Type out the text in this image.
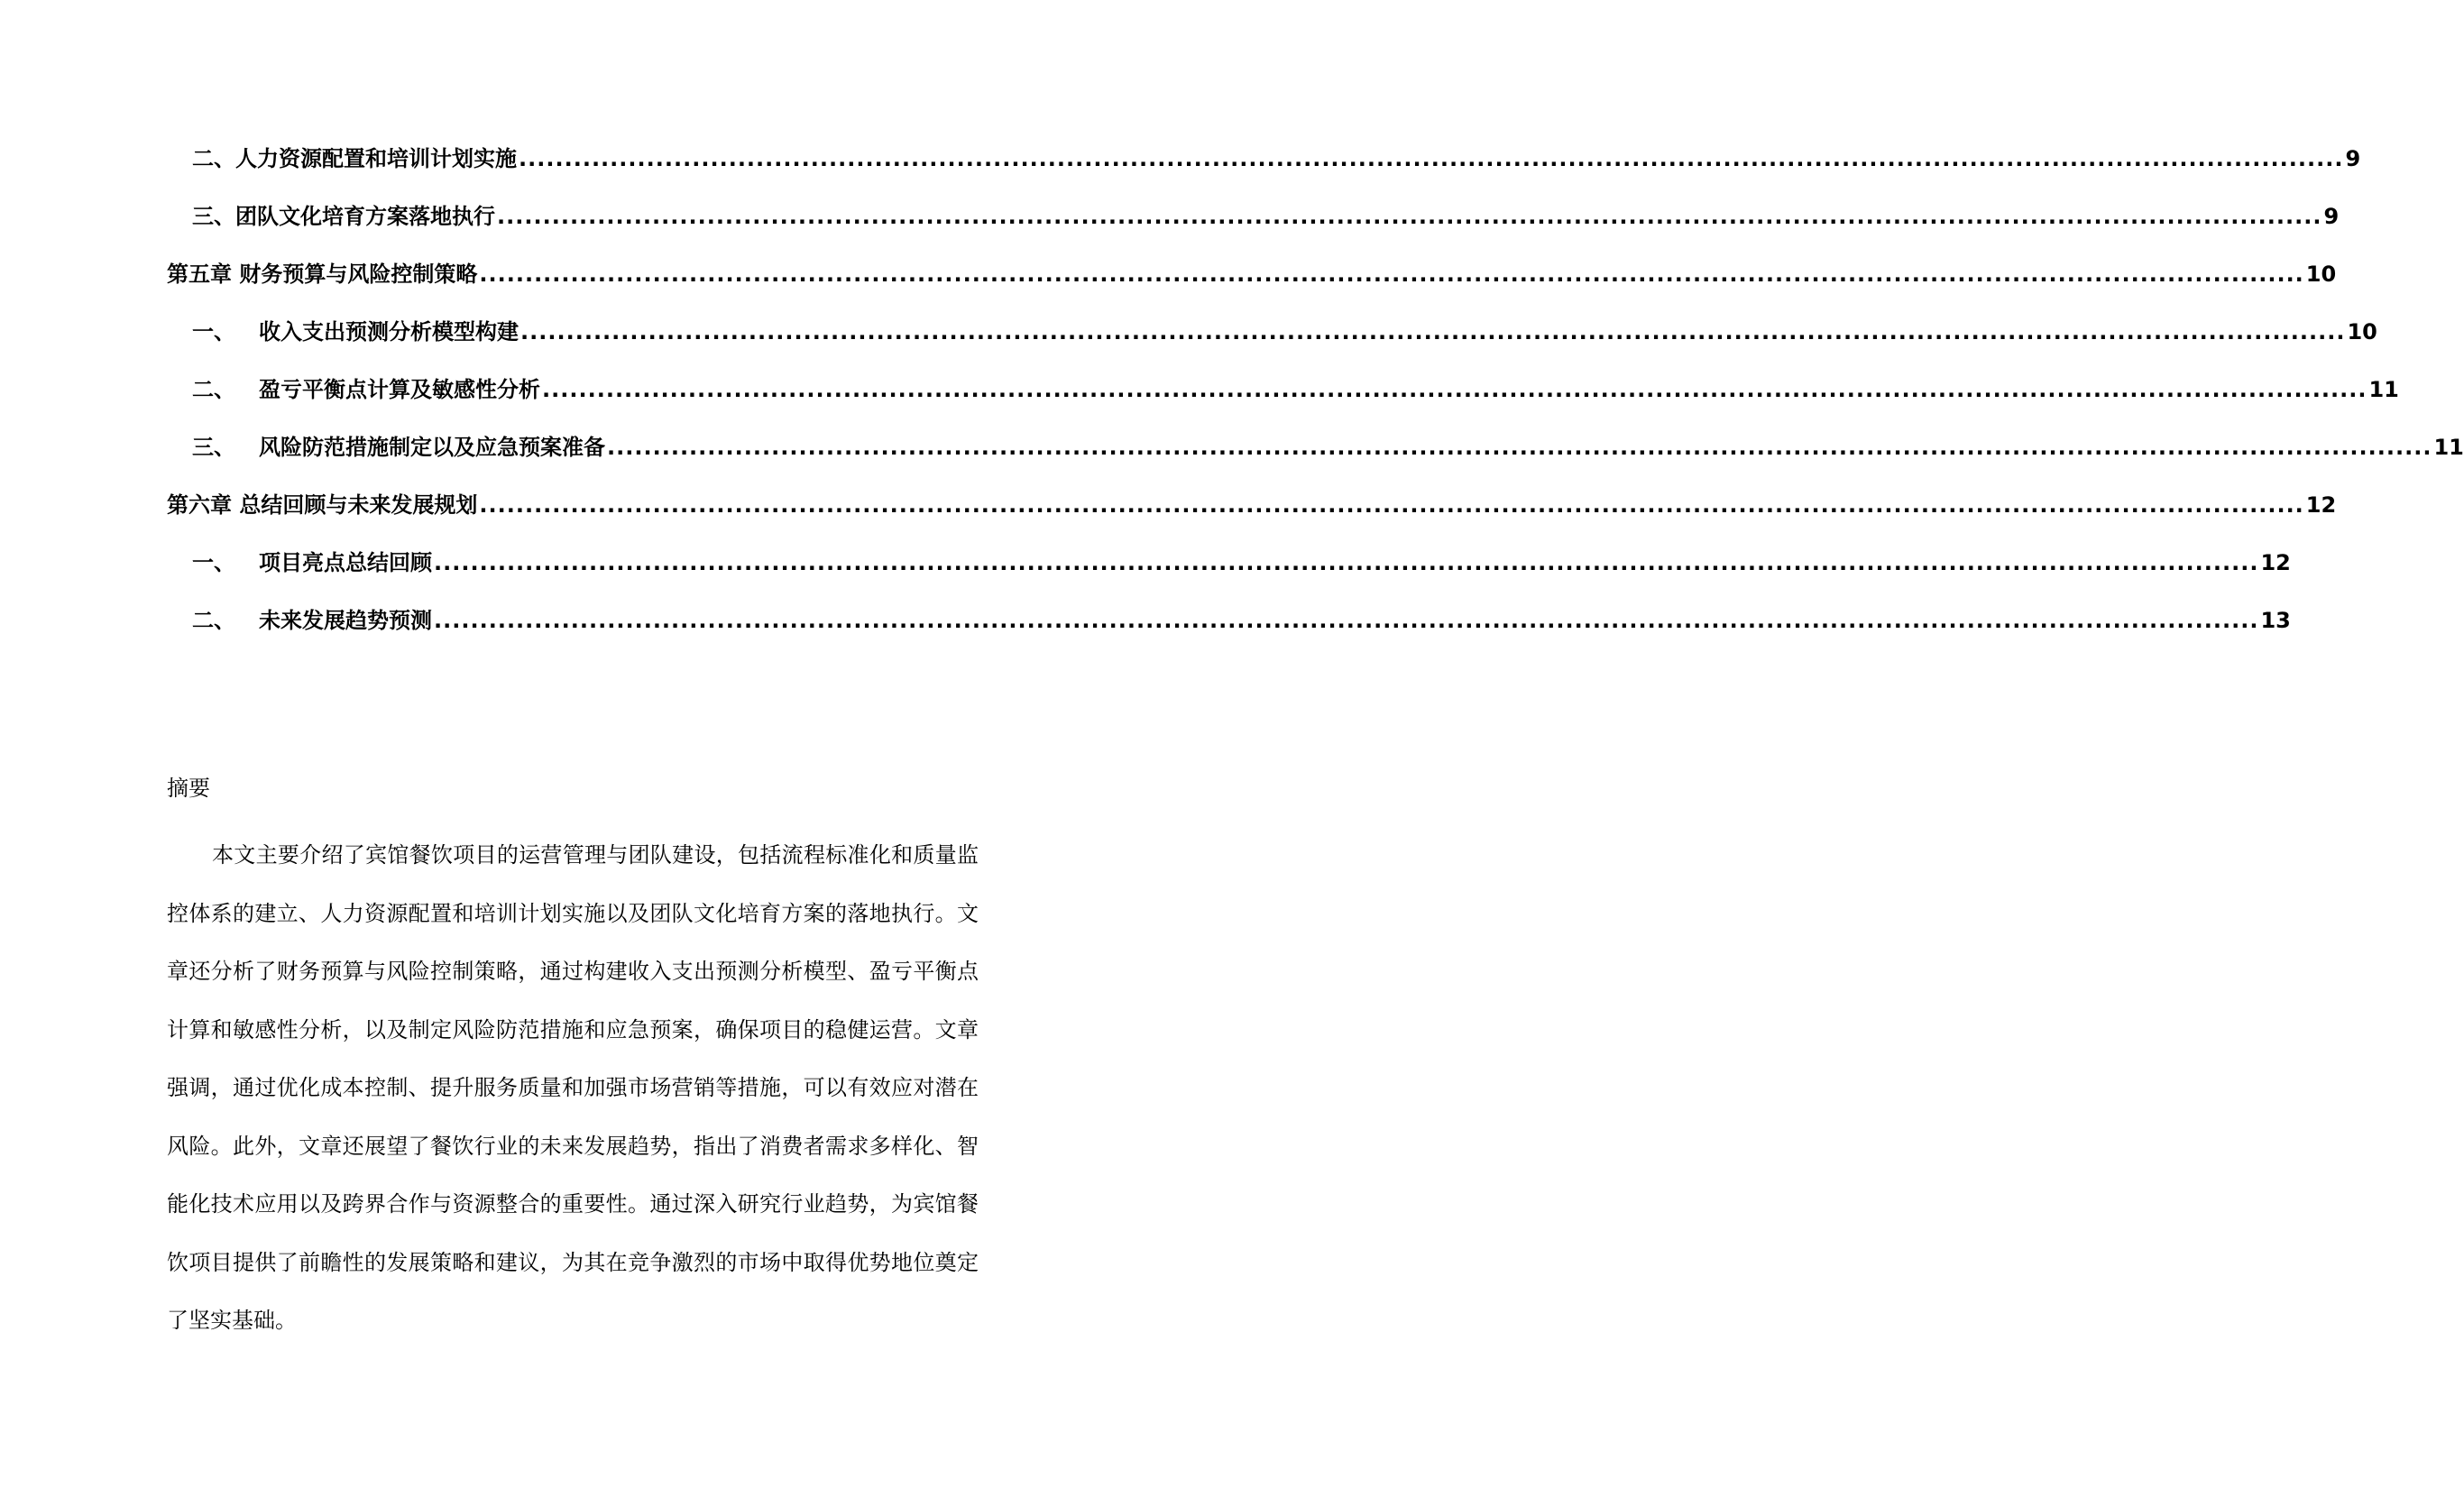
二、人力资源配置和培训计划实施 ........................................................................................................................................................................................................ 9
三、团队文化培育方案落地执行 ........................................................................................................................................................................................................ 9
第五章 财务预算与风险控制策略 ........................................................................................................................................................................................................ 10
一、 收入支出预测分析模型构建 ........................................................................................................................................................................................................ 10
二、 盈亏平衡点计算及敏感性分析 ........................................................................................................................................................................................................ 11
三、 风险防范措施制定以及应急预案准备 ........................................................................................................................................................................................................ 11
第六章 总结回顾与未来发展规划 ........................................................................................................................................................................................................ 12
一、 项目亮点总结回顾 ........................................................................................................................................................................................................ 12
二、 未来发展趋势预测 ........................................................................................................................................................................................................ 13
摘要
本文主要介绍了宾馆餐饮项目的运营管理与团队建设，包括流程标准化和质量监控体系的建立、人力资源配置和培训计划实施以及团队文化培育方案的落地执行。文章还分析了财务预算与风险控制策略，通过构建收入支出预测分析模型、盈亏平衡点计算和敏感性分析，以及制定风险防范措施和应急预案，确保项目的稳健运营。文章强调，通过优化成本控制、提升服务质量和加强市场营销等措施，可以有效应对潜在风险。此外，文章还展望了餐饮行业的未来发展趋势，指出了消费者需求多样化、智能化技术应用以及跨界合作与资源整合的重要性。通过深入研究行业趋势，为宾馆餐饮项目提供了前瞻性的发展策略和建议，为其在竞争激烈的市场中取得优势地位奠定了坚实基础。
